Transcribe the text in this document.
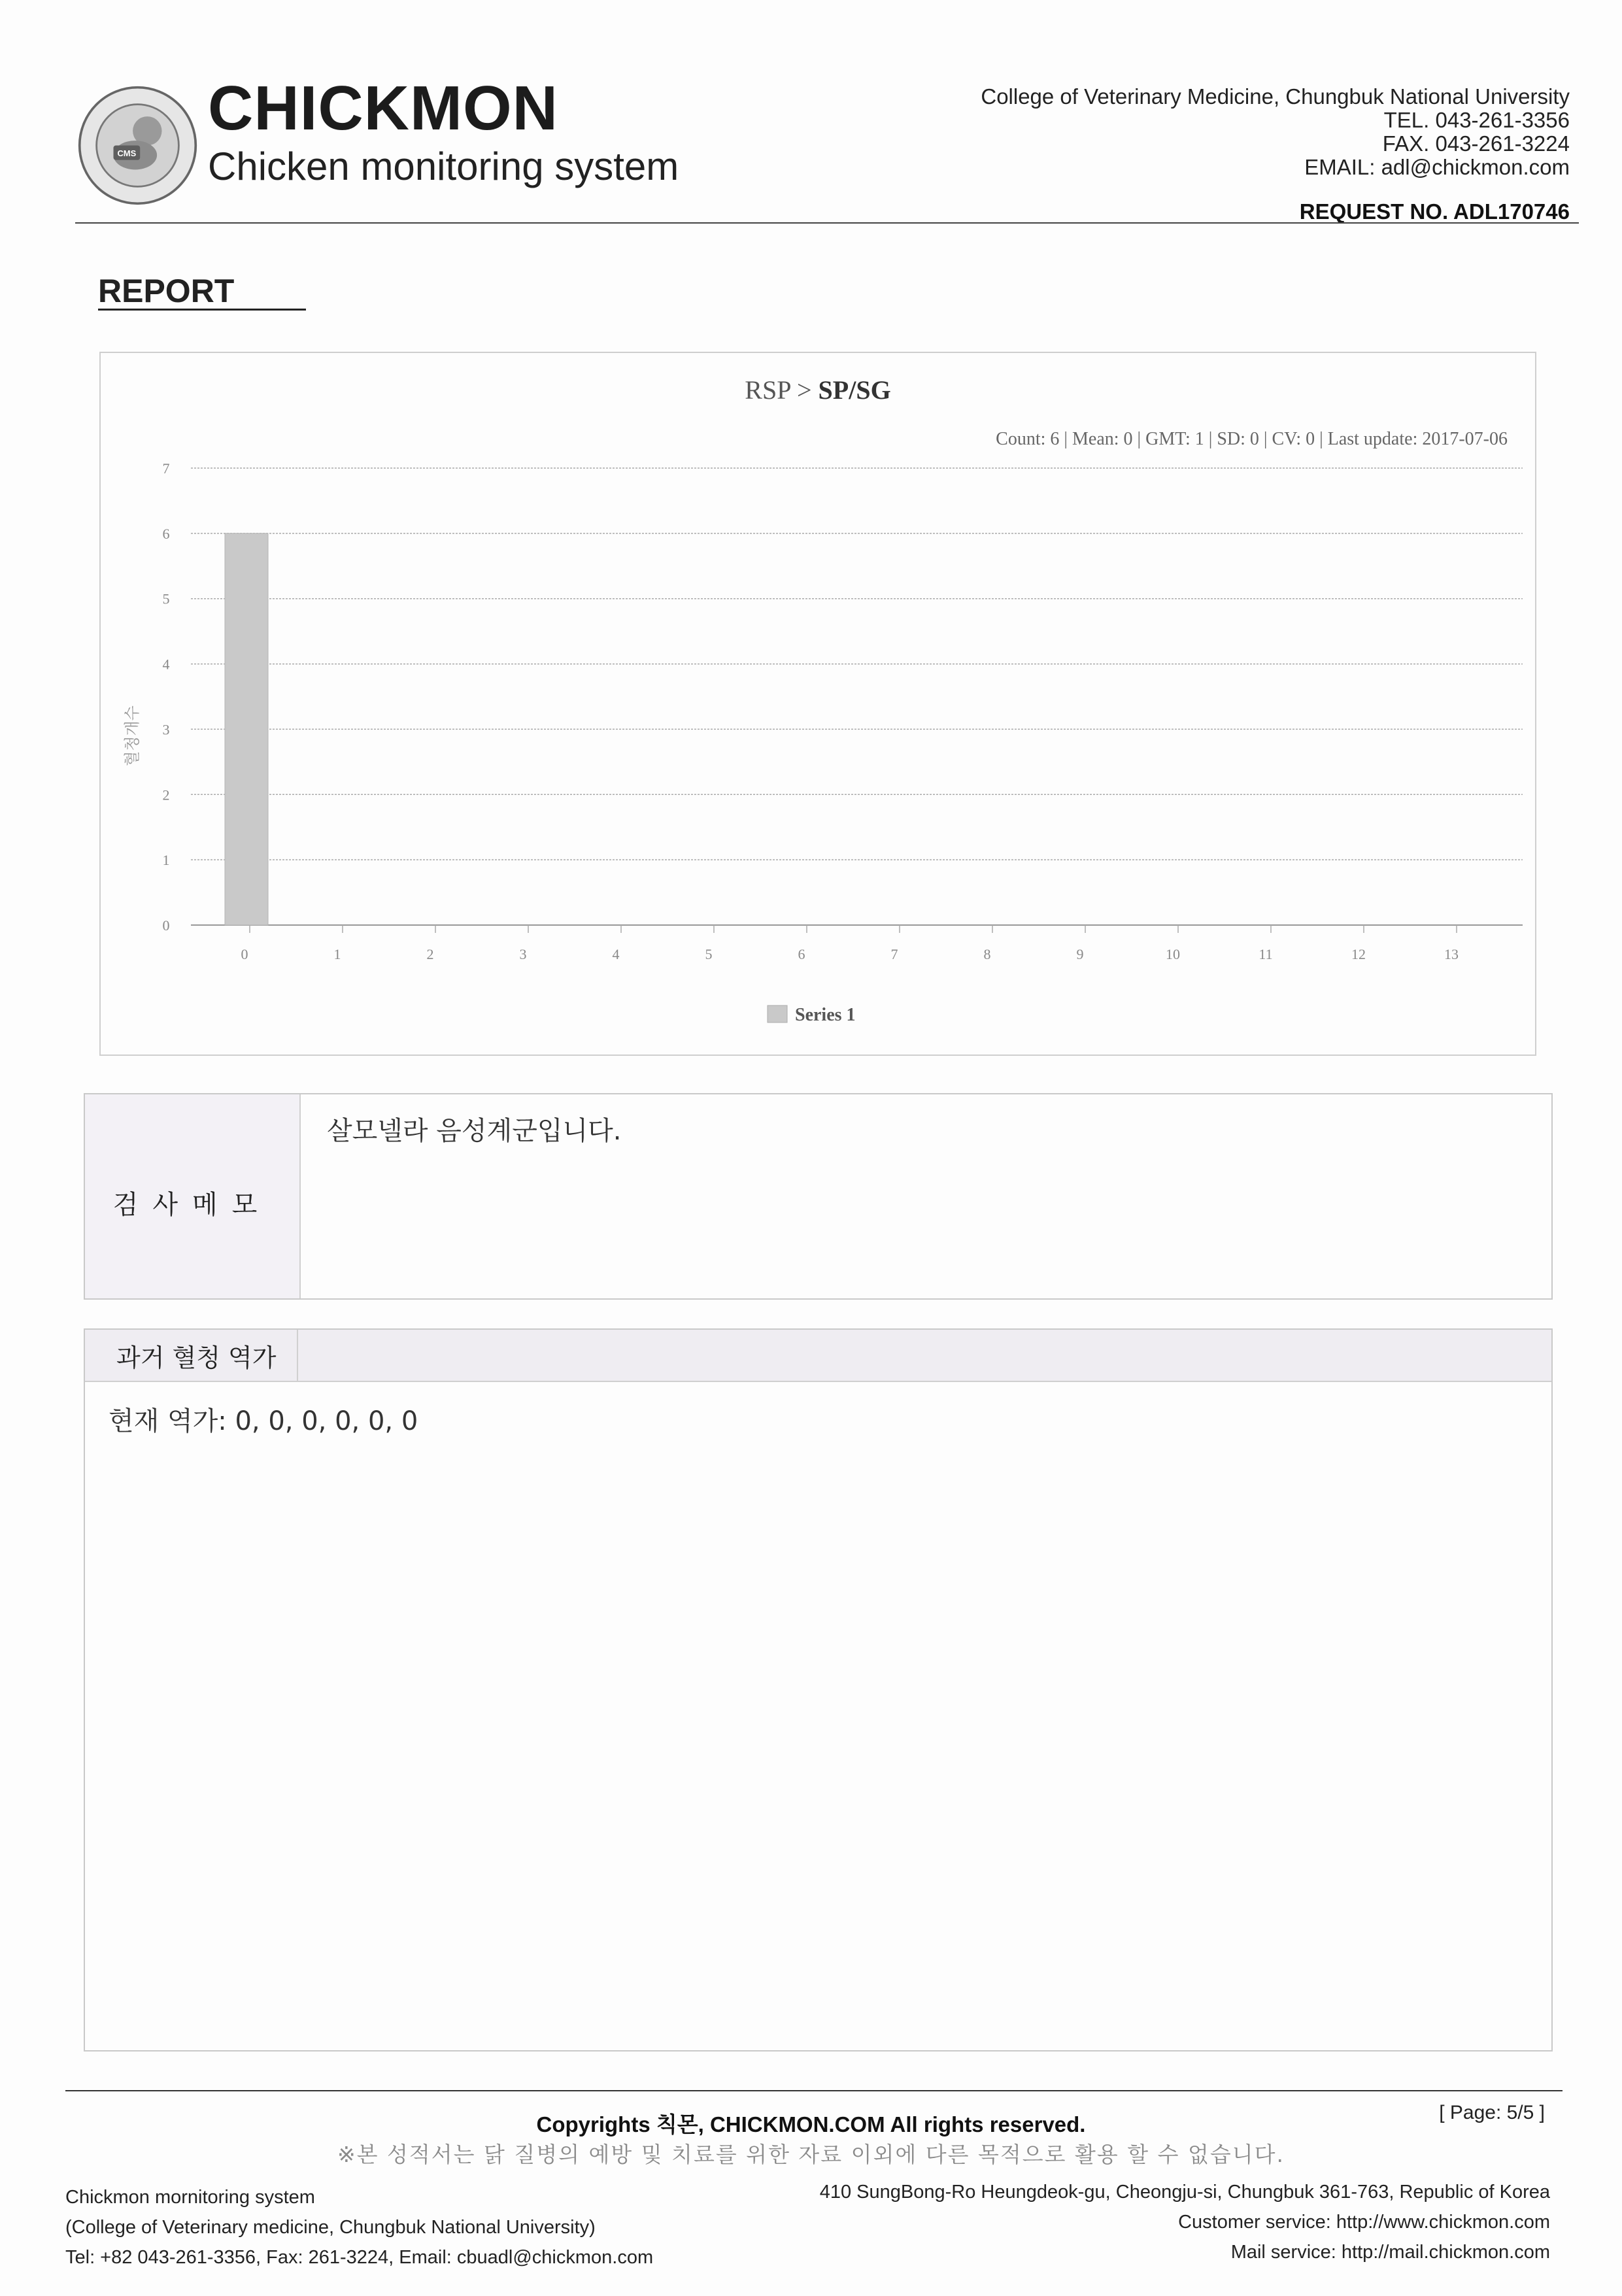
CMS
CHICKMON
Chicken monitoring system
College of Veterinary Medicine, Chungbuk National University
TEL. 043-261-3356
FAX. 043-261-3224
EMAIL: adl@chickmon.com
REQUEST NO. ADL170746
REPORT
RSP > SP/SG
Count: 6 | Mean: 0 | GMT: 1 | SD: 0 | CV: 0 | Last update: 2017-07-06
0
1
2
3
4
5
6
7
혈청개수
0	1	2	3	4	5	6	7	8	9	10	11	12	13
Series 1
검사메모
살모넬라 음성계군입니다.
과거 혈청 역가
현재 역가: 0, 0, 0, 0, 0, 0
Copyrights 칙몬, CHICKMON.COM All rights reserved.	[ Page: 5/5 ]
※본 성적서는 닭 질병의 예방 및 치료를 위한 자료 이외에 다른 목적으로 활용 할 수 없습니다.
Chickmon mornitoring system
(College of Veterinary medicine, Chungbuk National University)
Tel: +82 043-261-3356, Fax: 261-3224, Email: cbuadl@chickmon.com
410 SungBong-Ro Heungdeok-gu, Cheongju-si, Chungbuk 361-763, Republic of Korea
Customer service: http://www.chickmon.com
Mail service: http://mail.chickmon.com
